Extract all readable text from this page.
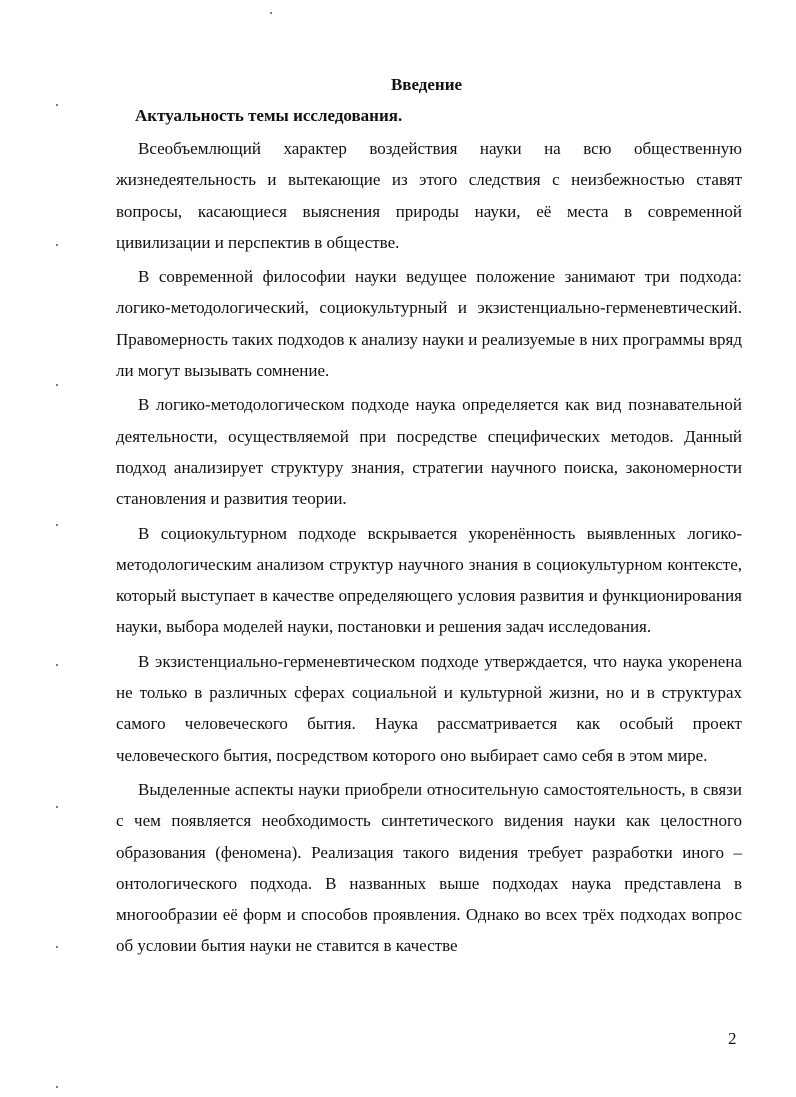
Введение
Актуальность темы исследования.

Всеобъемлющий характер воздействия науки на всю общественную жизнедеятельность и вытекающие из этого следствия с неизбежностью ставят вопросы, касающиеся выяснения природы науки, её места в современной цивилизации и перспектив в обществе.

В современной философии науки ведущее положение занимают три подхода: логико-методологический, социокультурный и экзистенциально-герменевтический. Правомерность таких подходов к анализу науки и реализуемые в них программы вряд ли могут вызывать сомнение.

В логико-методологическом подходе наука определяется как вид познавательной деятельности, осуществляемой при посредстве специфических методов. Данный подход анализирует структуру знания, стратегии научного поиска, закономерности становления и развития теории.

В социокультурном подходе вскрывается укоренённость выявленных логико-методологическим анализом структур научного знания в социокультурном контексте, который выступает в качестве определяющего условия развития и функционирования науки, выбора моделей науки, постановки и решения задач исследования.

В экзистенциально-герменевтическом подходе утверждается, что наука укоренена не только в различных сферах социальной и культурной жизни, но и в структурах самого человеческого бытия. Наука рассматривается как особый проект человеческого бытия, посредством которого оно выбирает само себя в этом мире.

Выделенные аспекты науки приобрели относительную самостоятельность, в связи с чем появляется необходимость синтетического видения науки как целостного образования (феномена). Реализация такого видения требует разработки иного – онтологического подхода. В названных выше подходах наука представлена в многообразии её форм и способов проявления. Однако во всех трёх подходах вопрос об условии бытия науки не ставится в качестве

2
